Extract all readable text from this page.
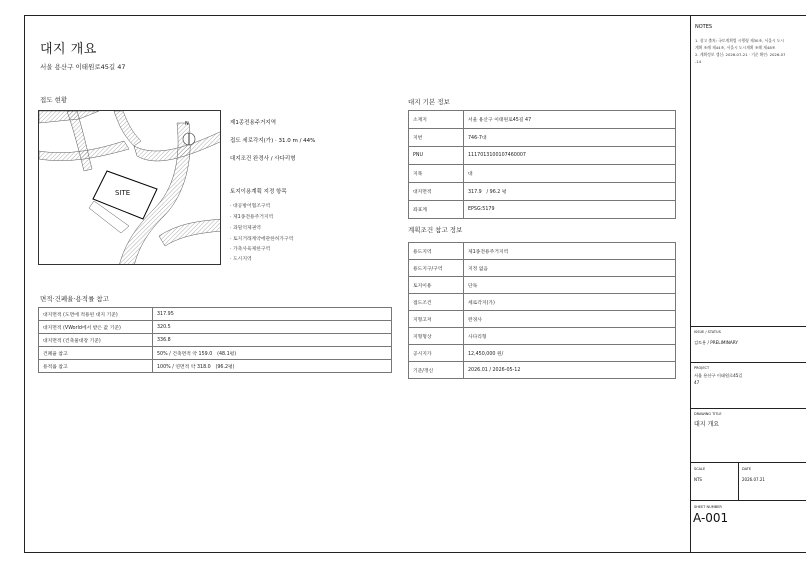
대지 개요
서울 용산구 이태원로45길 47
접도 현황	대지 기본 정보
계획조건 참고 정보
면적·건폐율·용적률 참고
SITE
N	제1종전용주거지역
접도 세로각지(가) · 31.0 m / 44%
대지조건 완경사 / 사다리형
토지이용계획 지정 항목
· 대공방어협조구역
· 제1종전용주거지역
· 과밀억제권역
· 토지거래계약에관한허가구역
· 가축사육제한구역
· 도시지역
소재지	서울 용산구 이태원로45길 47
지번	746-7대
PNU	1117013100107460007
지목	대
대지면적	317.9　/ 96.2 평
좌표계	EPSG:5179
용도지역	제1종전용주거지역
용도지구/구역	지정 없음
토지이용	단독
접도조건	세로각지(가)
지형고저	완경사
지형형상	사다리형
공시지가	12,450,000 원/
기준/갱신	2026.01 / 2026-05-12
대지면적 (도면에 적용된 대지 기준)	317.95
대지면적 (VWorld에서 받은 값 기준)	320.5
대지면적 (건축물대장 기준)	336.8
건폐율 참고	50% / 건축면적 약 159.0　(48.1평)
용적률 참고	100% / 연면적 약 318.0　(96.2평)
NOTES
1. 참고 출처: 국토계획법 시행령 제30조, 서울시 도시
계획 조례 제44조, 서울시 도시계획 조례 제48조
2. 계획정보 갱신: 2026-07-21 · 기준 확인: 2026-07
-14
ISSUE / STATUS
검토용 / PRELIMINARY
PROJECT
서울 용산구 이태원로45길
47
DRAWING TITLE
대지 개요
SCALE
NTS
DATE
2026.07.21
SHEET NUMBER
A-001
